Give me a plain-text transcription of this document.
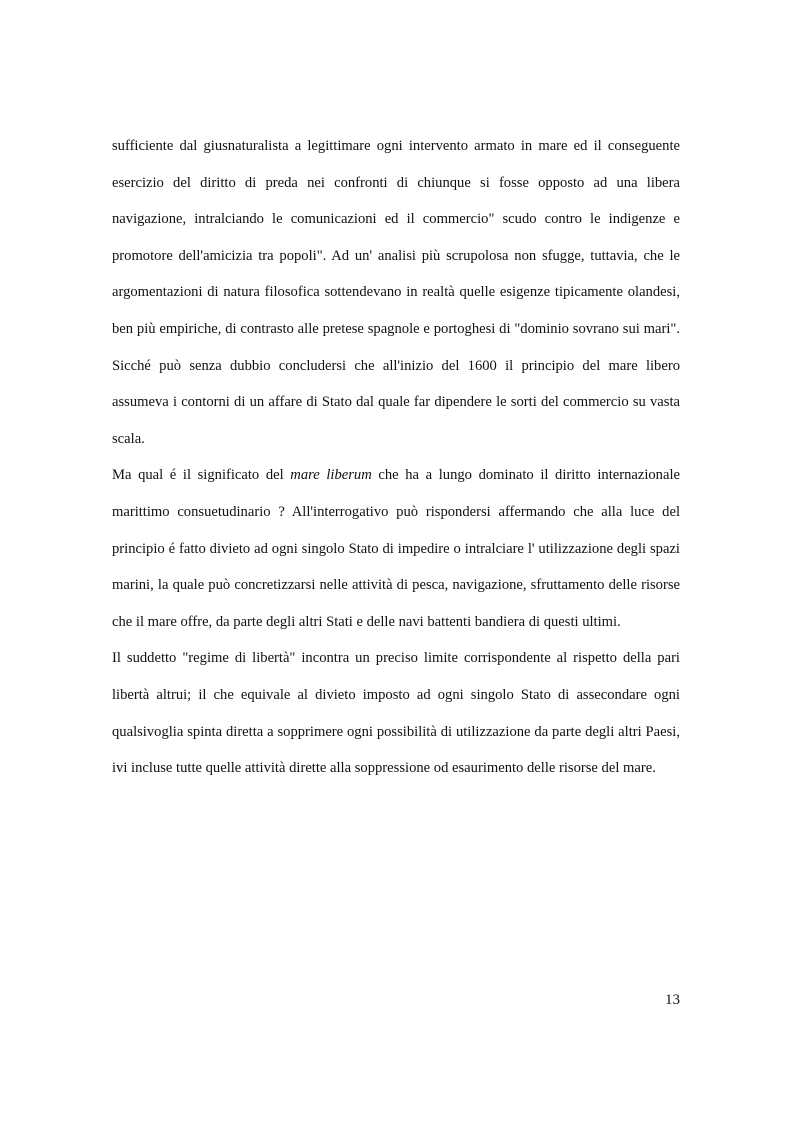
sufficiente dal giusnaturalista a legittimare ogni intervento armato in mare ed il conseguente esercizio del diritto di preda nei confronti di chiunque si fosse opposto ad una libera navigazione, intralciando le comunicazioni ed il commercio" scudo contro le indigenze e promotore dell'amicizia tra popoli". Ad un' analisi più scrupolosa non sfugge, tuttavia, che le argomentazioni di natura filosofica sottendevano in realtà quelle esigenze tipicamente olandesi, ben più empiriche, di contrasto alle pretese spagnole e portoghesi di "dominio sovrano sui mari". Sicché può senza dubbio concludersi che all'inizio del 1600 il principio del mare libero assumeva i contorni di un affare di Stato dal quale far dipendere le sorti del commercio su vasta scala.

Ma qual é il significato del mare liberum che ha a lungo dominato il diritto internazionale marittimo consuetudinario ? All'interrogativo può rispondersi affermando che alla luce del principio é fatto divieto ad ogni singolo Stato di impedire o intralciare l' utilizzazione degli spazi marini, la quale può concretizzarsi nelle attività di pesca, navigazione, sfruttamento delle risorse che il mare offre, da parte degli altri Stati e delle navi battenti bandiera di questi ultimi.

Il suddetto "regime di libertà" incontra un preciso limite corrispondente al rispetto della pari libertà altrui; il che equivale al divieto imposto ad ogni singolo Stato di assecondare ogni qualsivoglia spinta diretta a sopprimere ogni possibilità di utilizzazione da parte degli altri Paesi, ivi incluse tutte quelle attività dirette alla soppressione od esaurimento delle risorse del mare.

13
